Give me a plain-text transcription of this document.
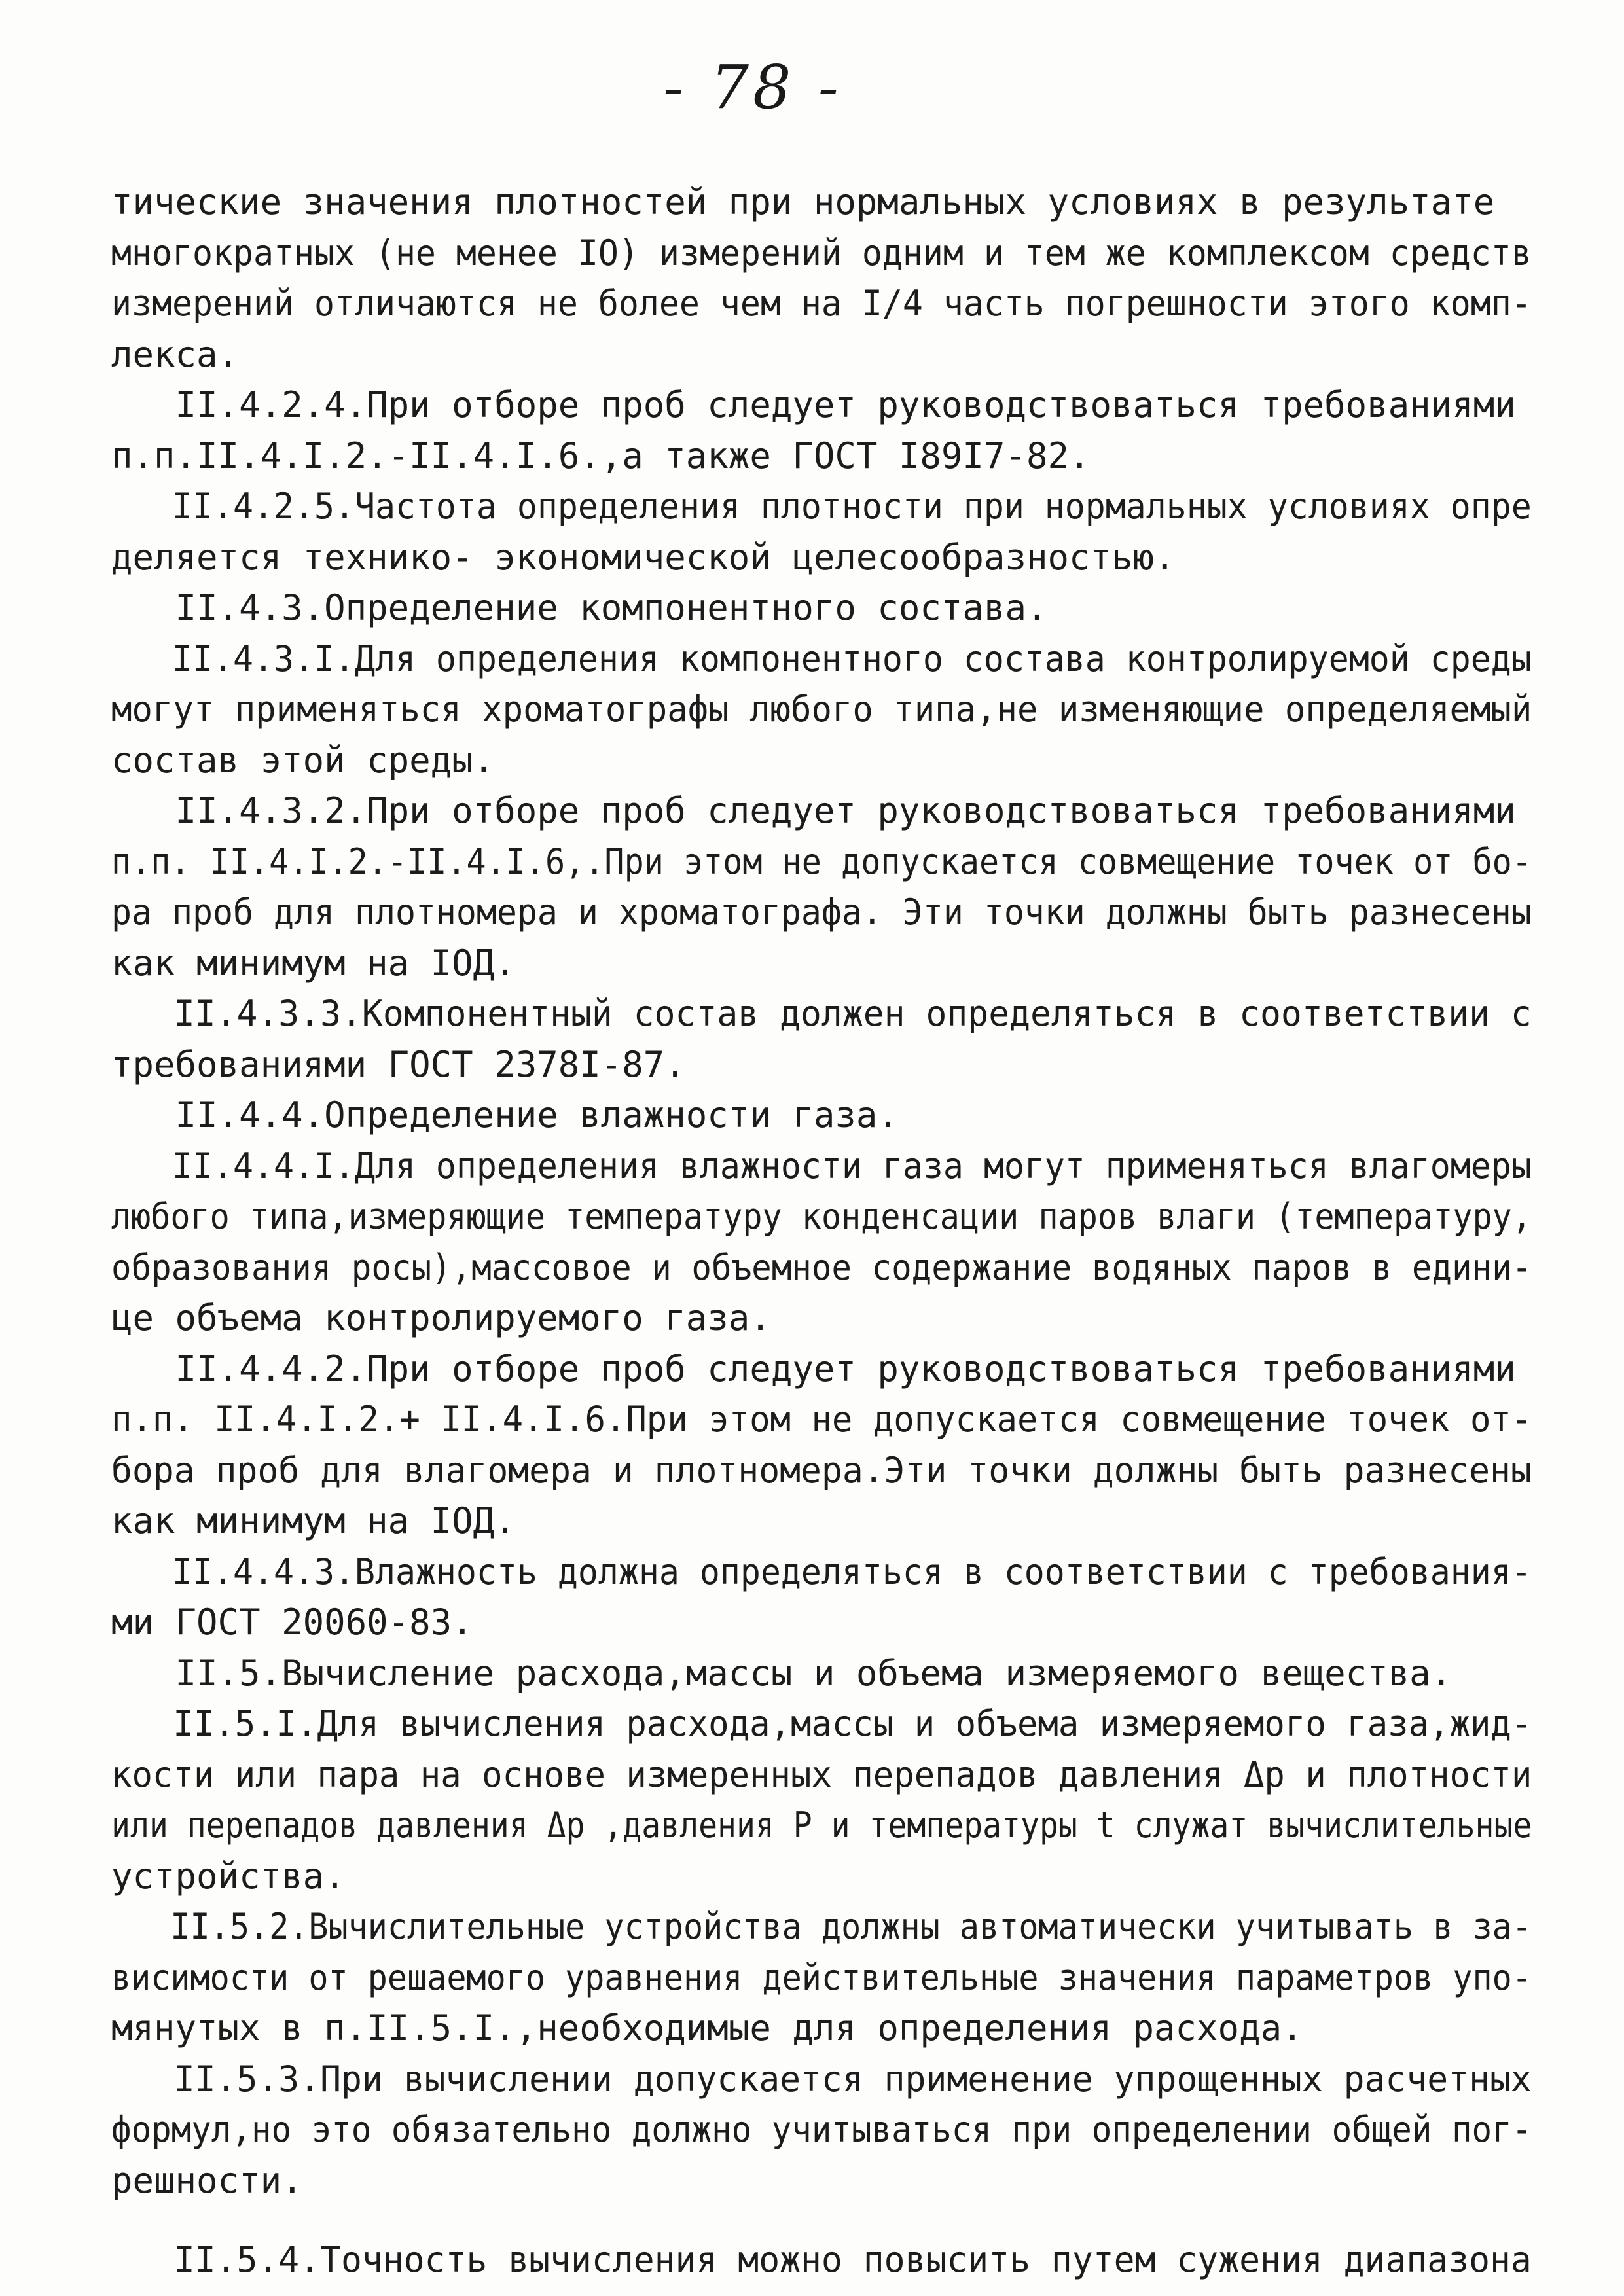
- 78 -
тические значения плотностей при нормальных условиях в результате
многократных (не менее IO) измерений одним и тем же комплексом средств
измерений отличаются не более чем на I/4 часть погрешности этого комп-
лекса.
II.4.2.4.При отборе проб следует руководствоваться требованиями
п.п.II.4.I.2.-II.4.I.6.,а также ГОСТ I89I7-82.
II.4.2.5.Частота определения плотности при нормальных условиях опре
деляется технико- экономической целесообразностью.
II.4.3.Определение компонентного состава.
II.4.3.I.Для определения компонентного состава контролируемой среды
могут применяться хроматографы любого типа,не изменяющие определяемый
состав этой среды.
II.4.3.2.При отборе проб следует руководствоваться требованиями
п.п. II.4.I.2.-II.4.I.6,.При этом не допускается совмещение точек от бо-
ра проб для плотномера и хроматографа. Эти точки должны быть разнесены
как минимум на IОД.
II.4.3.3.Компонентный состав должен определяться в соответствии с
требованиями ГОСТ 2378I-87.
II.4.4.Определение влажности газа.
II.4.4.I.Для определения влажности газа могут применяться влагомеры
любого типа,измеряющие температуру конденсации паров влаги (температуру,
образования росы),массовое и объемное содержание водяных паров в едини-
це объема контролируемого газа.
II.4.4.2.При отборе проб следует руководствоваться требованиями
п.п. II.4.I.2.+ II.4.I.6.При этом не допускается совмещение точек от-
бора проб для влагомера и плотномера.Эти точки должны быть разнесены
как минимум на IОД.
II.4.4.3.Влажность должна определяться в соответствии с требования-
ми ГОСТ 20060-83.
II.5.Вычисление расхода,массы и объема измеряемого вещества.
II.5.I.Для вычисления расхода,массы и объема измеряемого газа,жид-
кости или пара на основе измеренных перепадов давления Δp и плотности
или перепадов давления Δp ,давления P и температуры t служат вычислительные
устройства.
II.5.2.Вычислительные устройства должны автоматически учитывать в за-
висимости от решаемого уравнения действительные значения параметров упо-
мянутых в п.II.5.I.,необходимые для определения расхода.
II.5.3.При вычислении допускается применение упрощенных расчетных
формул,но это обязательно должно учитываться при определении общей пог-
решности.
II.5.4.Точность вычисления можно повысить путем сужения диапазона
